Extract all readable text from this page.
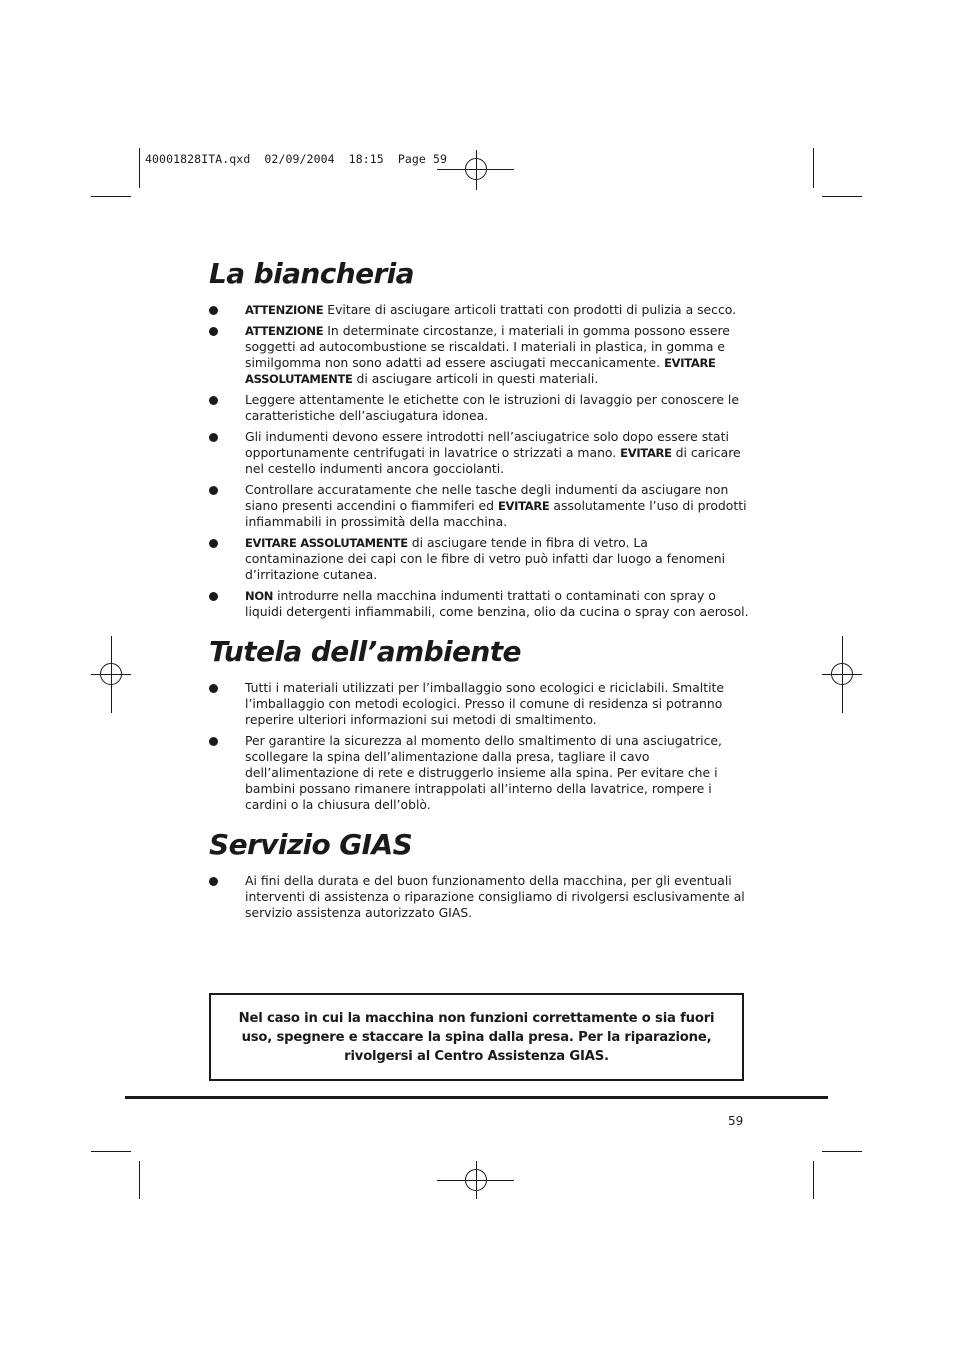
40001828ITA.qxd  02/09/2004  18:15  Page 59
La biancheria
ATTENZIONE Evitare di asciugare articoli trattati con prodotti di pulizia a secco.
ATTENZIONE In determinate circostanze, i materiali in gomma possono essere soggetti ad autocombustione se riscaldati. I materiali in plastica, in gomma e similgomma non sono adatti ad essere asciugati meccanicamente. EVITARE ASSOLUTAMENTE di asciugare articoli in questi materiali.
Leggere attentamente le etichette con le istruzioni di lavaggio per conoscere le caratteristiche dell’asciugatura idonea.
Gli indumenti devono essere introdotti nell’asciugatrice solo dopo essere stati opportunamente centrifugati in lavatrice o strizzati a mano. EVITARE di caricare nel cestello indumenti ancora gocciolanti.
Controllare accuratamente che nelle tasche degli indumenti da asciugare non siano presenti accendini o fiammiferi ed EVITARE assolutamente l’uso di prodotti infiammabili in prossimità della macchina.
EVITARE ASSOLUTAMENTE di asciugare tende in fibra di vetro. La contaminazione dei capi con le fibre di vetro può infatti dar luogo a fenomeni d’irritazione cutanea.
NON introdurre nella macchina indumenti trattati o contaminati con spray o liquidi detergenti infiammabili, come benzina, olio da cucina o spray con aerosol.
Tutela dell’ambiente
Tutti i materiali utilizzati per l’imballaggio sono ecologici e riciclabili. Smaltite l’imballaggio con metodi ecologici. Presso il comune di residenza si potranno reperire ulteriori informazioni sui metodi di smaltimento.
Per garantire la sicurezza al momento dello smaltimento di una asciugatrice, scollegare la spina dell’alimentazione dalla presa, tagliare il cavo dell’alimentazione di rete e distruggerlo insieme alla spina. Per evitare che i bambini possano rimanere intrappolati all’interno della lavatrice, rompere i cardini o la chiusura dell’oblò.
Servizio GIAS
Ai fini della durata e del buon funzionamento della macchina, per gli eventuali interventi di assistenza o riparazione consigliamo di rivolgersi esclusivamente al servizio assistenza autorizzato GIAS.
Nel caso in cui la macchina non funzioni correttamente o sia fuori uso, spegnere e staccare la spina dalla presa. Per la riparazione, rivolgersi al Centro Assistenza GIAS.
59
